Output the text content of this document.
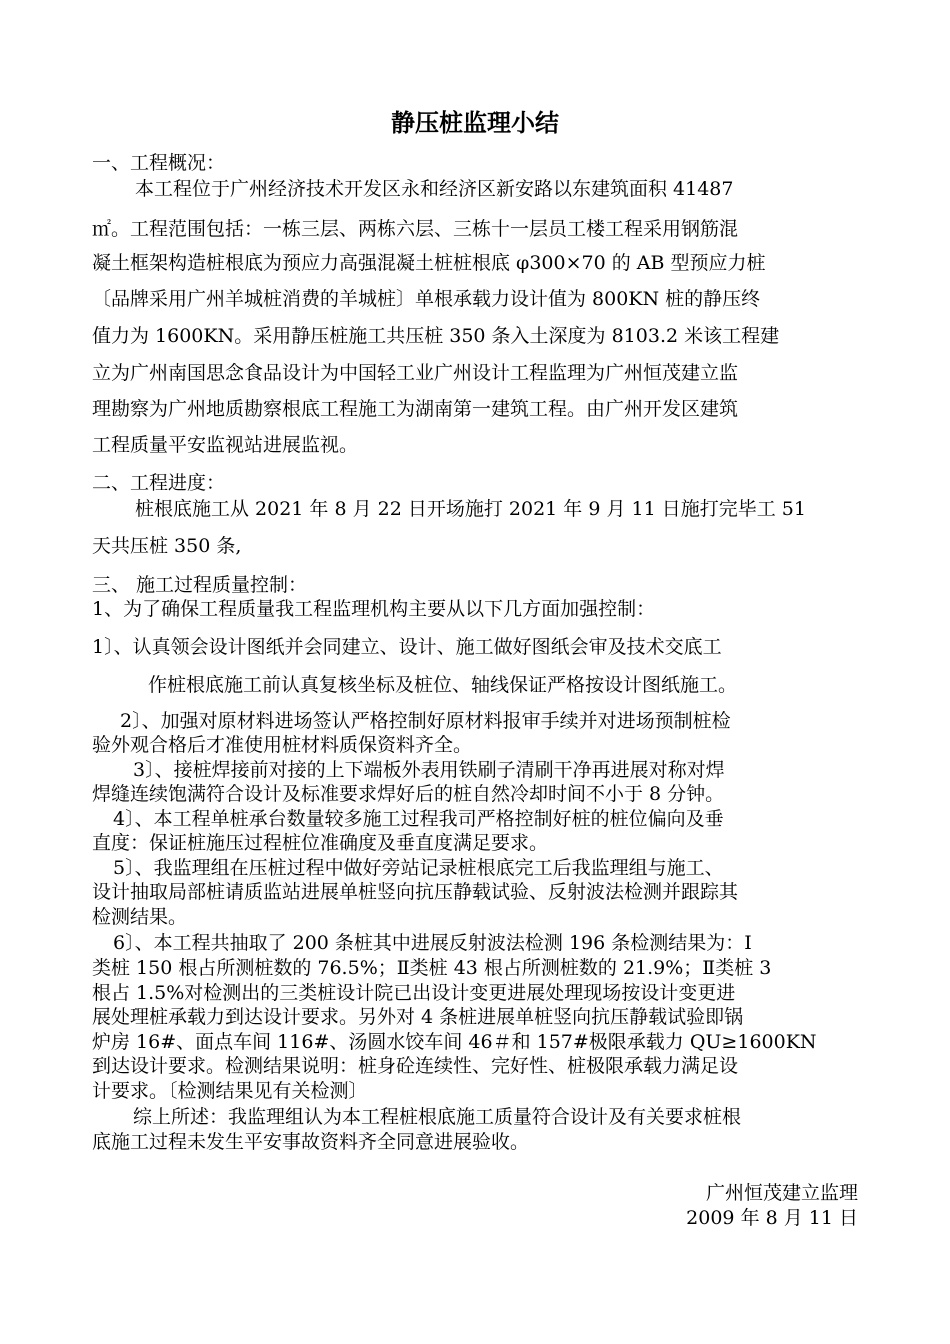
静压桩监理小结
一、工程概况：
本工程位于广州经济技术开发区永和经济区新安路以东建筑面积 41487
㎡。工程范围包括：一栋三层、两栋六层、三栋十一层员工楼工程采用钢筋混
凝土框架构造桩根底为预应力高强混凝土桩桩根底 φ300×70 的 AB 型预应力桩
〔品牌采用广州羊城桩消费的羊城桩〕单根承载力设计值为 800KN 桩的静压终
值力为 1600KN。采用静压桩施工共压桩 350 条入土深度为 8103.2 米该工程建
立为广州南国思念食品设计为中国轻工业广州设计工程监理为广州恒茂建立监
理勘察为广州地质勘察根底工程施工为湖南第一建筑工程。由广州开发区建筑
工程质量平安监视站进展监视。
二、工程进度：
桩根底施工从 2021 年 8 月 22 日开场施打 2021 年 9 月 11 日施打完毕工 51
天共压桩 350 条,
三、 施工过程质量控制：
1、为了确保工程质量我工程监理机构主要从以下几方面加强控制：
1〕、认真领会设计图纸并会同建立、设计、施工做好图纸会审及技术交底工
作桩根底施工前认真复核坐标及桩位、轴线保证严格按设计图纸施工。
2〕、加强对原材料进场签认严格控制好原材料报审手续并对进场预制桩检
验外观合格后才准使用桩材料质保资料齐全。
3〕、接桩焊接前对接的上下端板外表用铁刷子清刷干净再进展对称对焊
焊缝连续饱满符合设计及标准要求焊好后的桩自然冷却时间不小于 8 分钟。
4〕、本工程单桩承台数量较多施工过程我司严格控制好桩的桩位偏向及垂
直度：保证桩施压过程桩位准确度及垂直度满足要求。
5〕、我监理组在压桩过程中做好旁站记录桩根底完工后我监理组与施工、
设计抽取局部桩请质监站进展单桩竖向抗压静载试验、反射波法检测并跟踪其
检测结果。
6〕、本工程共抽取了 200 条桩其中进展反射波法检测 196 条检测结果为：Ⅰ
类桩 150 根占所测桩数的 76.5%；Ⅱ类桩 43 根占所测桩数的 21.9%；Ⅱ类桩 3
根占 1.5%对检测出的三类桩设计院已出设计变更进展处理现场按设计变更进
展处理桩承载力到达设计要求。另外对 4 条桩进展单桩竖向抗压静载试验即锅
炉房 16#、面点车间 116#、汤圆水饺车间 46＃和 157#极限承载力 QU≥1600KN
到达设计要求。检测结果说明：桩身砼连续性、完好性、桩极限承载力满足设
计要求。〔检测结果见有关检测〕
综上所述：我监理组认为本工程桩根底施工质量符合设计及有关要求桩根
底施工过程未发生平安事故资料齐全同意进展验收。
广州恒茂建立监理
2009 年 8 月 11 日
